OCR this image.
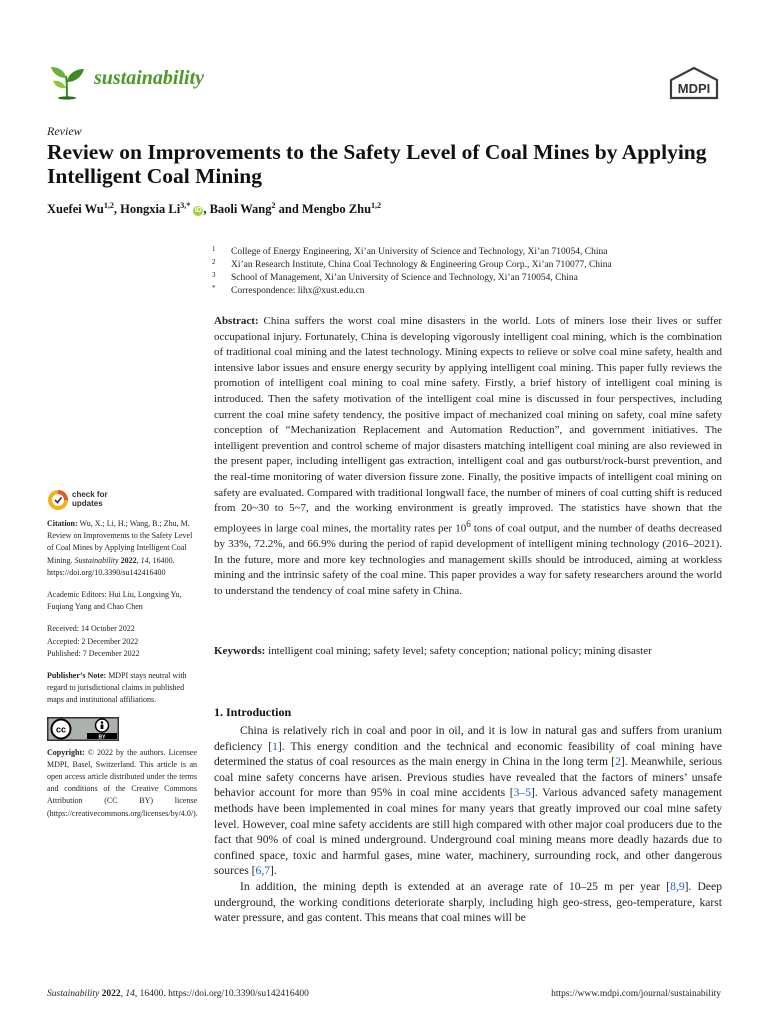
sustainability	MDPI
Review
Review on Improvements to the Safety Level of Coal Mines by Applying Intelligent Coal Mining
Xuefei Wu$^{1,2}$, Hongxia $Li^{3,*}$ iD , Baoli Wang$^2$ and Mengbo Zhu$^{1,2}$
1 College of Energy Engineering, Xi’an University of Science and Technology, Xi’an 710054, China
2 Xi’an Research Institute, China Coal Technology & Engineering Group Corp., Xi’an 710077, China
3 School of Management, Xi’an University of Science and Technology, Xi’an 710054, China
* Correspondence: lihx@xust.edu.cn

Abstract: China suffers the worst coal mine disasters in the world. Lots of miners lose their lives or suffer occupational injury. Fortunately, China is developing vigorously intelligent coal mining, which is the combination of traditional coal mining and the latest technology. Mining expects to relieve or solve coal mine safety, health and intensive labor issues and ensure energy security by applying intelligent coal mining. This paper fully reviews the promotion of intelligent coal mining to coal mine safety. Firstly, a brief history of intelligent coal mining is introduced. Then the safety motivation of the intelligent coal mine is discussed in four perspectives, including current the coal mine safety tendency, the positive impact of mechanized coal mining on safety, coal mine safety conception of “Mechanization Replacement and Automation Reduction”, and government initiatives. The intelligent prevention and control scheme of major disasters matching intelligent coal mining are also reviewed in the present paper, including intelligent gas extraction, intelligent coal and gas outburst/rock-burst prevention, and the real-time monitoring of water diversion fissure zone. Finally, the positive impacts of intelligent coal mining on safety are evaluated. Compared with traditional longwall face, the number of miners of coal cutting shift is reduced from 20~30 to 5~7, and the working environment is greatly improved. The statistics have shown that the employees in large coal mines, the mortality rates per $10^6$ tons of coal output, and the number of deaths decreased by 33%, 72.2%, and 66.9% during the period of rapid development of intelligent mining technology (2016–2021). In the future, more and more key technologies and management skills should be introduced, aiming at workless mining and the intrinsic safety of the coal mine. This paper provides a way for safety researchers around the world to understand the tendency of coal mine safety in China.

Keywords: intelligent coal mining; safety level; safety conception; national policy; mining disaster
check for
updates

Citation: Wu, X.; Li, H.; Wang, B.; Zhu, M. Review on Improvements to the Safety Level of Coal Mines by Applying Intelligent Coal Mining. Sustainability 2022, 14, 16400. https://doi.org/10.3390/su142416400

Academic Editors: Hui Liu, Longxing Yu, Fuqiang Yang and Chao Chen

Received: 14 October 2022

Accepted: 2 December 2022

Published: 7 December 2022

Publisher’s Note: MDPI stays neutral with regard to jurisdictional claims in published maps and institutional affiliations.

cc
BY

Copyright: © 2022 by the authors. Licensee MDPI, Basel, Switzerland. This article is an open access article distributed under the terms and conditions of the Creative Commons Attribution (CC BY) license (https://creativecommons.org/licenses/by/4.0/).

1. Introduction

China is relatively rich in coal and poor in oil, and it is low in natural gas and suffers from uranium deficiency [1]. This energy condition and the technical and economic feasibility of coal mining have determined the status of coal resources as the main energy in China in the long term [2]. Meanwhile, serious coal mine safety concerns have arisen. Previous studies have revealed that the factors of miners’ unsafe behavior account for more than 95% in coal mine accidents [3–5]. Various advanced safety management methods have been implemented in coal mines for many years that greatly improved our coal mine safety level. However, coal mine safety accidents are still high compared with other major coal producers due to the fact that 90% of coal is mined underground. Underground coal mining means more deadly hazards due to confined space, toxic and harmful gases, mine water, machinery, surrounding rock, and other dangerous sources [6,7].

In addition, the mining depth is extended at an average rate of 10–25 m per year [8,9]. Deep underground, the working conditions deteriorate sharply, including high geo-stress, geo-temperature, karst water pressure, and gas content. This means that coal mines will be

Sustainability 2022, 14, 16400. https://doi.org/10.3390/su142416400	https://www.mdpi.com/journal/sustainability
